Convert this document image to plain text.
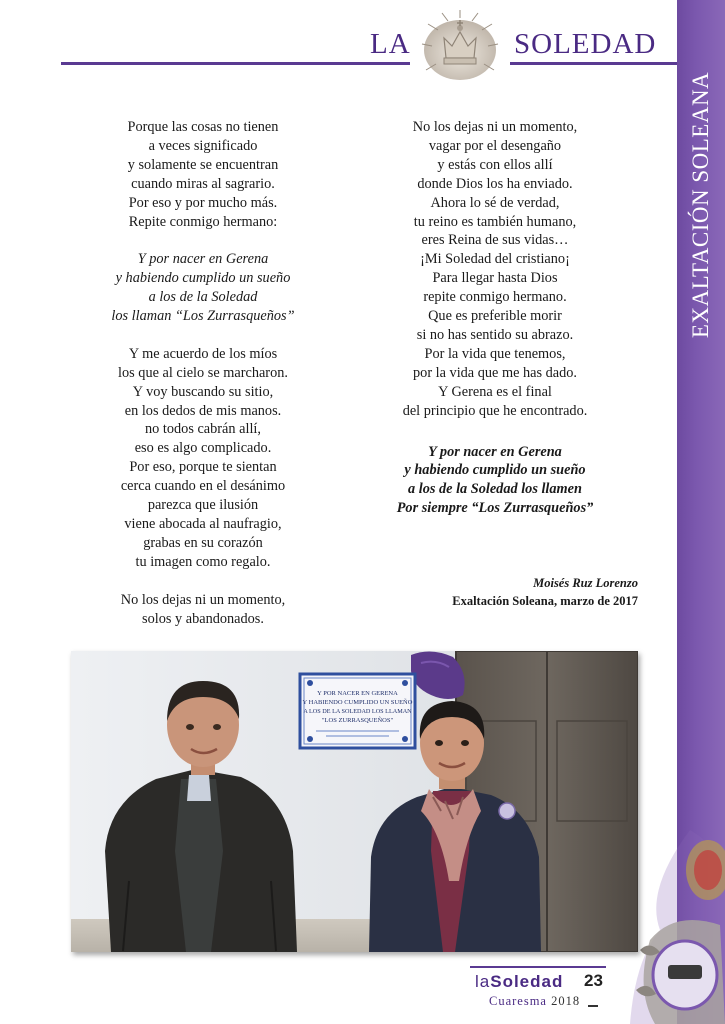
LA	SOLEDAD
EXALTACIÓN SOLEANA
Porque las cosas no tienen
a veces significado
y solamente se encuentran
cuando miras al sagrario.
Por eso y por mucho más.
Repite conmigo hermano:
Y por nacer en Gerena
y habiendo cumplido un sueño
a los de la Soledad
los llaman “Los Zurrasqueños”
Y me acuerdo de los míos
los que al cielo se marcharon.
Y voy buscando su sitio,
en los dedos de mis manos.
no todos cabrán allí,
eso es algo complicado.
Por eso, porque te sientan
cerca cuando en el desánimo
parezca que ilusión
viene abocada al naufragio,
grabas en su corazón
tu imagen como regalo.
No los dejas ni un momento,
solos y abandonados.
No los dejas ni un momento,
vagar por el desengaño
y estás con ellos allí
donde Dios los ha enviado.
Ahora lo sé de verdad,
tu reino es también humano,
eres Reina de sus vidas…
¡Mi Soledad del cristiano¡
Para llegar hasta Dios
repite conmigo hermano.
Que es preferible morir
si no has sentido su abrazo.
Por la vida que tenemos,
por la vida que me has dado.
Y Gerena es el final
del principio que he encontrado.
Y por nacer en Gerena
y habiendo cumplido un sueño
a los de la Soledad los llamen
Por siempre “Los Zurrasqueños”
Moisés Ruz Lorenzo
Exaltación Soleana, marzo de 2017
Y POR NACER EN GERENA
Y HABIENDO CUMPLIDO UN SUEÑO
A LOS DE LA SOLEDAD LOS LLAMAN
"LOS ZURRASQUEÑOS"
laSoledad 23
Cuaresma 2018
